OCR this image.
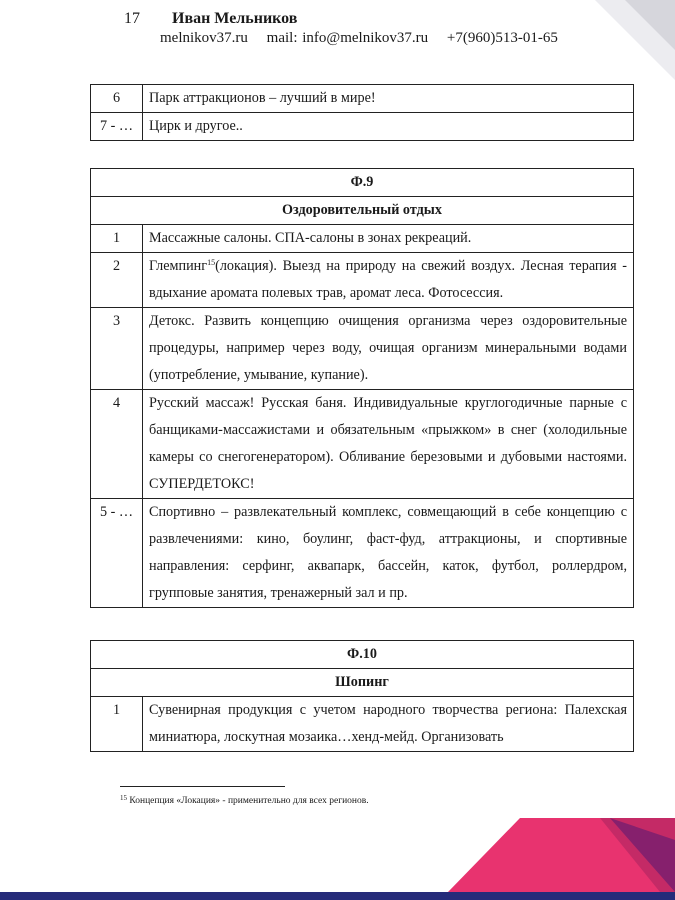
17 Иван Мельников
melnikov37.ru mail: info@melnikov37.ru +7(960)513-01-65
6	Парк аттракционов – лучший в мире!
7 - …	Цирк и другое..
Ф.9	
Оздоровительный отдых	
1	Массажные салоны. СПА-салоны в зонах рекреаций.
2	Глемпинг$^{15}$(локация). Выезд на природу на свежий воздух. Лесная терапия - вдыхание аромата полевых трав, аромат леса. Фотосессия.
3	Детокс. Развить концепцию очищения организма через оздоровительные процедуры, например через воду, очищая организм минеральными водами (употребление, умывание, купание).
4	Русский массаж! Русская баня. Индивидуальные круглогодичные парные с банщиками-массажистами и обязательным «прыжком» в снег (холодильные камеры со снегогенератором). Обливание березовыми и дубовыми настоями. СУПЕРДЕТОКС!
5 - …	Спортивно – развлекательный комплекс, совмещающий в себе концепцию с развлечениями: кино, боулинг, фаст-фуд, аттракционы, и спортивные направления: серфинг, аквапарк, бассейн, каток, футбол, роллердром, групповые занятия, тренажерный зал и пр.
Ф.10
Шопинг
1	Сувенирная продукция с учетом народного творчества региона: Палехская миниатюра, лоскутная мозаика…хенд-мейд. Организовать
$^{15}$ Концепция «Локация» - применительно для всех регионов.
